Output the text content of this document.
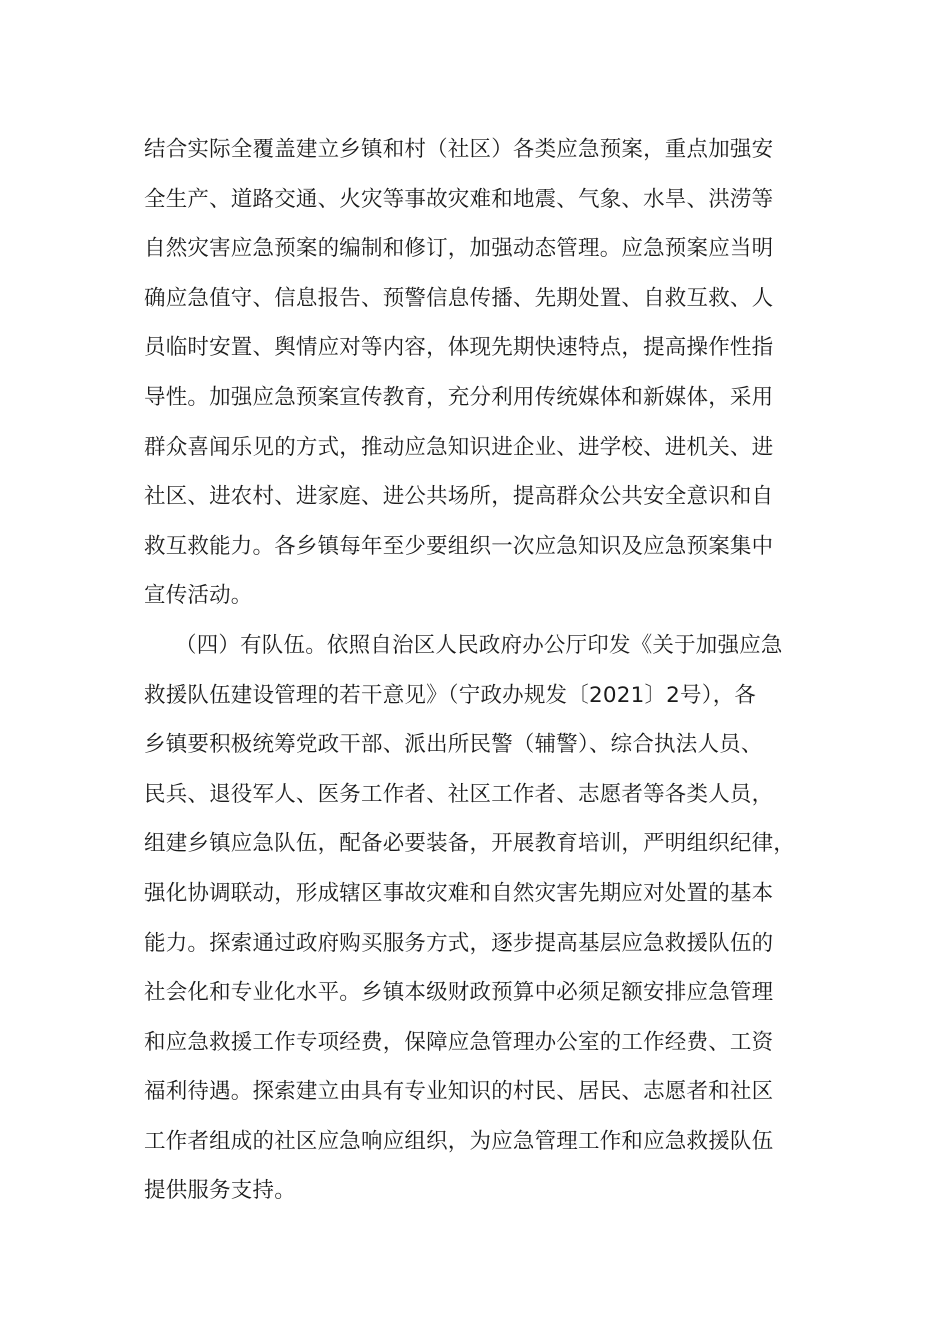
结合实际全覆盖建立乡镇和村（社区）各类应急预案，重点加强安
全生产、道路交通、火灾等事故灾难和地震、气象、水旱、洪涝等
自然灾害应急预案的编制和修订，加强动态管理。应急预案应当明
确应急值守、信息报告、预警信息传播、先期处置、自救互救、人
员临时安置、舆情应对等内容，体现先期快速特点，提高操作性指
导性。加强应急预案宣传教育，充分利用传统媒体和新媒体，采用
群众喜闻乐见的方式，推动应急知识进企业、进学校、进机关、进
社区、进农村、进家庭、进公共场所，提高群众公共安全意识和自
救互救能力。各乡镇每年至少要组织一次应急知识及应急预案集中
宣传活动。
（四）有队伍。依照自治区人民政府办公厅印发《关于加强应急
救援队伍建设管理的若干意见》（宁政办规发〔2021〕2号），各
乡镇要积极统筹党政干部、派出所民警（辅警）、综合执法人员、
民兵、退役军人、医务工作者、社区工作者、志愿者等各类人员，
组建乡镇应急队伍，配备必要装备，开展教育培训，严明组织纪律，
强化协调联动，形成辖区事故灾难和自然灾害先期应对处置的基本
能力。探索通过政府购买服务方式，逐步提高基层应急救援队伍的
社会化和专业化水平。乡镇本级财政预算中必须足额安排应急管理
和应急救援工作专项经费，保障应急管理办公室的工作经费、工资
福利待遇。探索建立由具有专业知识的村民、居民、志愿者和社区
工作者组成的社区应急响应组织，为应急管理工作和应急救援队伍
提供服务支持。
